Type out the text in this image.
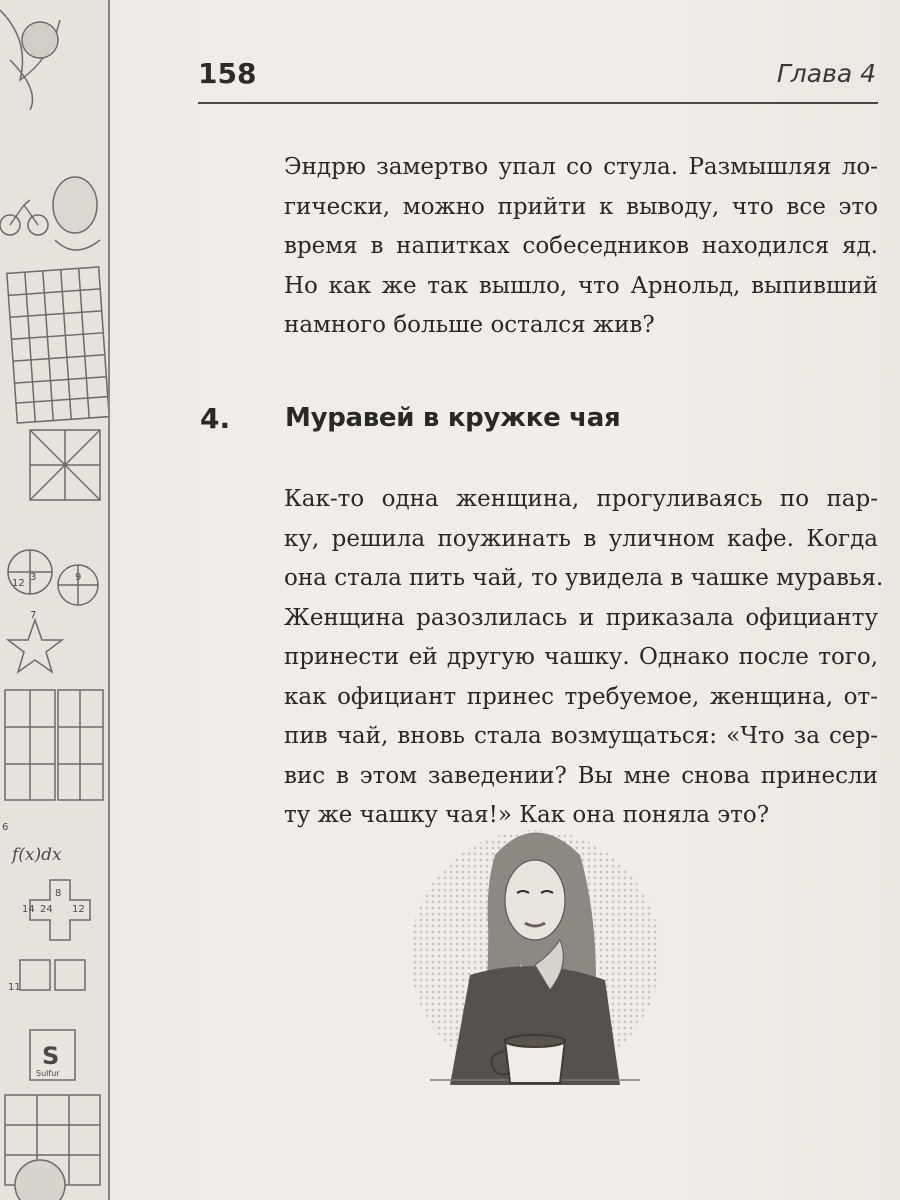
f(x)dx
S
Sulfur
8
14 24 12
3	9
12
6
7
11
158	Глава 4

Эндрю замертво упал со стула. Размышляя ло-
гически, можно прийти к выводу, что все это
время в напитках собеседников находился яд.
Но как же так вышло, что Арнольд, выпивший
намного больше остался жив?

4. Муравей в кружке чая

Как-то одна женщина, прогуливаясь по пар-
ку, решила поужинать в уличном кафе. Когда
она стала пить чай, то увидела в чашке муравья.
Женщина разозлилась и приказала официанту
принести ей другую чашку. Однако после того,
как официант принес требуемое, женщина, от-
пив чай, вновь стала возмущаться: «Что за сер-
вис в этом заведении? Вы мне снова принесли
ту же чашку чая!» Как она поняла это?
